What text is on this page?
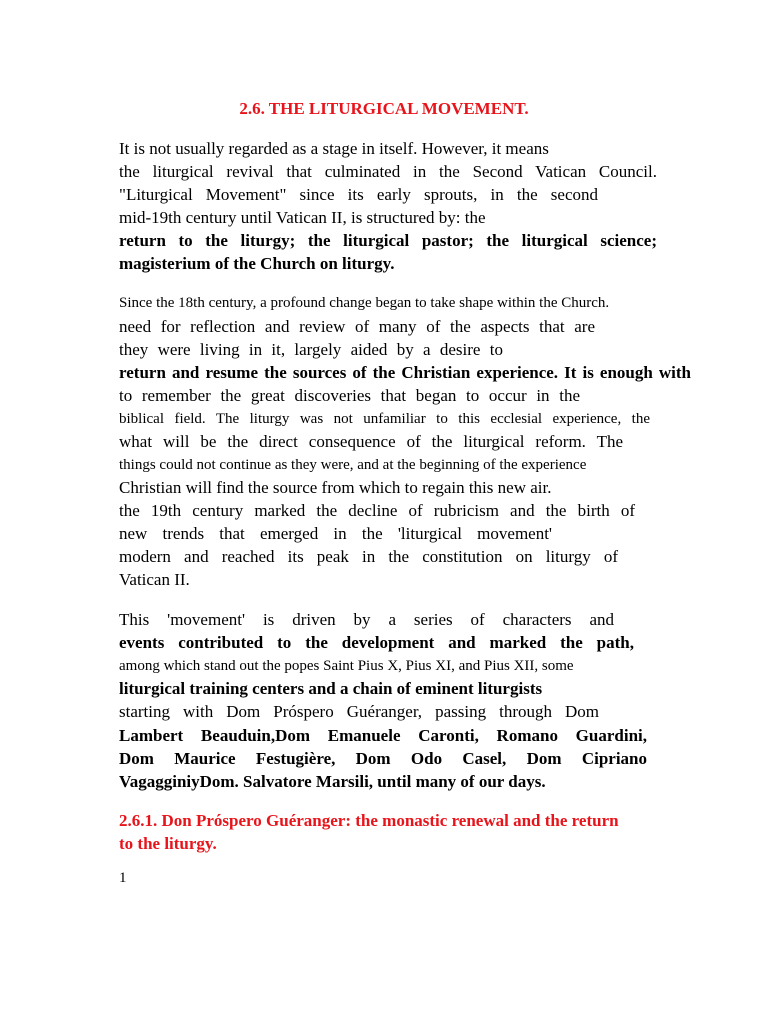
2.6. THE LITURGICAL MOVEMENT.
It is not usually regarded as a stage in itself. However, it means
the liturgical revival that culminated in the Second Vatican Council.
"Liturgical Movement" since its early sprouts, in the second
mid-19th century until Vatican II, is structured by: the
return to the liturgy; the liturgical pastor; the liturgical science;
magisterium of the Church on liturgy.
Since the 18th century, a profound change began to take shape within the Church.
need for reflection and review of many of the aspects that are
they were living in it, largely aided by a desire to
return and resume the sources of the Christian experience. It is enough with
to remember the great discoveries that began to occur in the
biblical field. The liturgy was not unfamiliar to this ecclesial experience, the
what will be the direct consequence of the liturgical reform. The
things could not continue as they were, and at the beginning of the experience
Christian will find the source from which to regain this new air.
the 19th century marked the decline of rubricism and the birth of
new trends that emerged in the 'liturgical movement'
modern and reached its peak in the constitution on liturgy of
Vatican II.
This 'movement' is driven by a series of characters and
events contributed to the development and marked the path,
among which stand out the popes Saint Pius X, Pius XI, and Pius XII, some
liturgical training centers and a chain of eminent liturgists
starting with Dom Próspero Guéranger, passing through Dom
Lambert Beauduin,Dom Emanuele Caronti, Romano Guardini,
Dom Maurice Festugière, Dom Odo Casel, Dom Cipriano
VagagginiyDom. Salvatore Marsili, until many of our days.
2.6.1. Don Próspero Guéranger: the monastic renewal and the return
to the liturgy.
1
